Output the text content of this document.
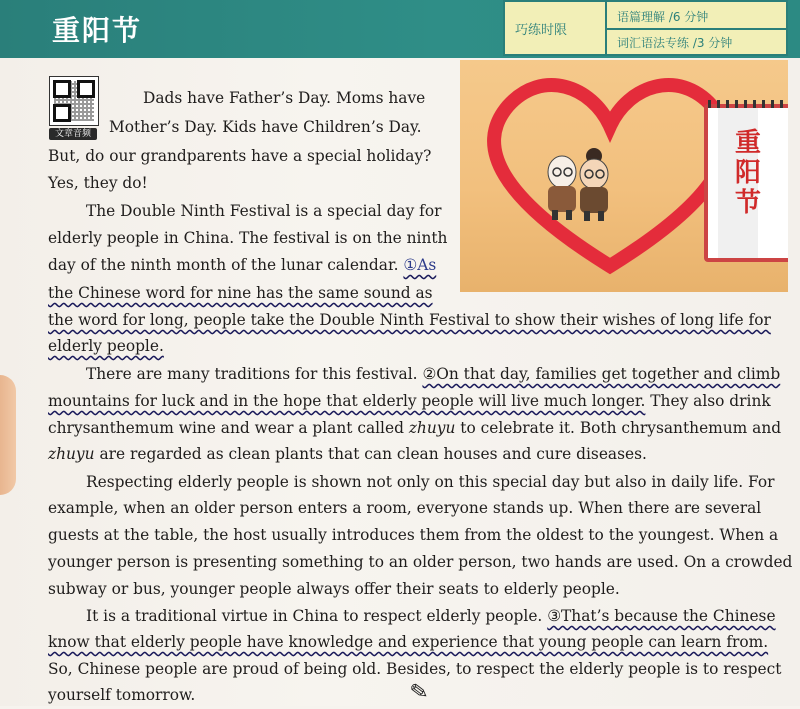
重阳节	巧练时限
语篇理解 /6 分钟
词汇语法专练 /3 分钟
文章音频	重阳节
Dads have Father’s Day. Moms have
Mother’s Day. Kids have Children’s Day.
But, do our grandparents have a special holiday?
Yes, they do!
The Double Ninth Festival is a special day for
elderly people in China. The festival is on the ninth
day of the ninth month of the lunar calendar. ①As
the Chinese word for nine has the same sound as
the word for long, people take the Double Ninth Festival to show their wishes of long life for
elderly people.
There are many traditions for this festival. ②On that day, families get together and climb
mountains for luck and in the hope that elderly people will live much longer. They also drink
chrysanthemum wine and wear a plant called zhuyu to celebrate it. Both chrysanthemum and
zhuyu are regarded as clean plants that can clean houses and cure diseases.
Respecting elderly people is shown not only on this special day but also in daily life. For
example, when an older person enters a room, everyone stands up. When there are several
guests at the table, the host usually introduces them from the oldest to the youngest. When a
younger person is presenting something to an older person, two hands are used. On a crowded
subway or bus, younger people always offer their seats to elderly people.
It is a traditional virtue in China to respect elderly people. ③That’s because the Chinese
know that elderly people have knowledge and experience that young people can learn from.
So, Chinese people are proud of being old. Besides, to respect the elderly people is to respect
yourself tomorrow.	✎
